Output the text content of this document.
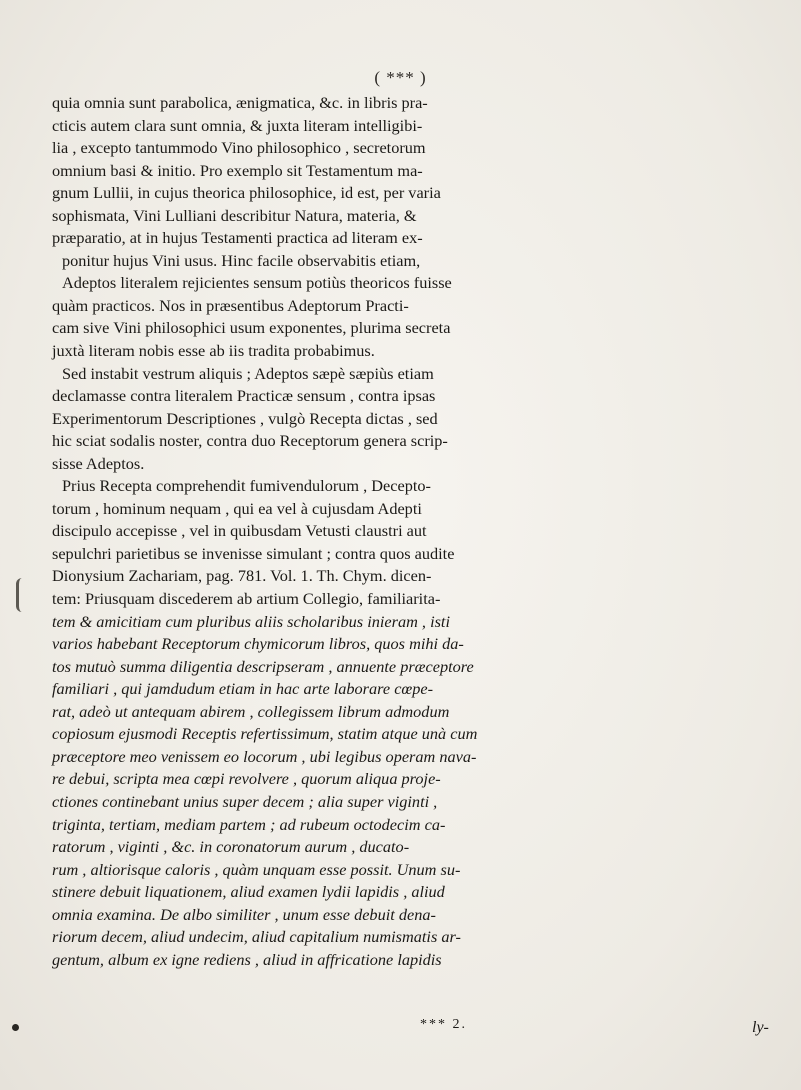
( *** )
quia omnia sunt parabolica, ænigmatica, &c. in libris pra-
cticis autem clara sunt omnia, & juxta literam intelligibi-
lia , excepto tantummodo Vino philosophico , secretorum
omnium basi & initio. Pro exemplo sit Testamentum ma-
gnum Lullii, in cujus theorica philosophice, id est, per varia
sophismata, Vini Lulliani describitur Natura, materia, &
præparatio, at in hujus Testamenti practica ad literam ex-
ponitur hujus Vini usus. Hinc facile observabitis etiam,
Adeptos literalem rejicientes sensum potiùs theoricos fuisse
quàm practicos. Nos in præsentibus Adeptorum Practi-
cam sive Vini philosophici usum exponentes, plurima secreta
juxtà literam nobis esse ab iis tradita probabimus.
Sed instabit vestrum aliquis ; Adeptos sæpè sæpiùs etiam
declamasse contra literalem Practicæ sensum , contra ipsas
Experimentorum Descriptiones , vulgò Recepta dictas , sed
hic sciat sodalis noster, contra duo Receptorum genera scrip-
sisse Adeptos.
Prius Recepta comprehendit fumivendulorum , Decepto-
torum , hominum nequam , qui ea vel à cujusdam Adepti
discipulo accepisse , vel in quibusdam Vetusti claustri aut
sepulchri parietibus se invenisse simulant ; contra quos audite
Dionysium Zachariam, pag. 781. Vol. 1. Th. Chym. dicen-
tem: Priusquam discederem ab artium Collegio, familiarita-
tem & amicitiam cum pluribus aliis scholaribus inieram , isti
varios habebant Receptorum chymicorum libros, quos mihi da-
tos mutuò summa diligentia descripseram , annuente præceptore
familiari , qui jamdudum etiam in hac arte laborare cœpe-
rat, adeò ut antequam abirem , collegissem librum admodum
copiosum ejusmodi Receptis refertissimum, statim atque unà cum
præceptore meo venissem eo locorum , ubi legibus operam nava-
re debui, scripta mea cœpi revolvere , quorum aliqua proje-
ctiones continebant unius super decem ; alia super viginti ,
triginta, tertiam, mediam partem ; ad rubeum octodecim ca-
ratorum , viginti , &c. in coronatorum aurum , ducato-
rum , altiorisque caloris , quàm unquam esse possit. Unum su-
stinere debuit liquationem, aliud examen lydii lapidis , aliud
omnia examina. De albo similiter , unum esse debuit dena-
riorum decem, aliud undecim, aliud capitalium numismatis ar-
gentum, album ex igne rediens , aliud in affricatione lapidis
*** 2.	ly-
